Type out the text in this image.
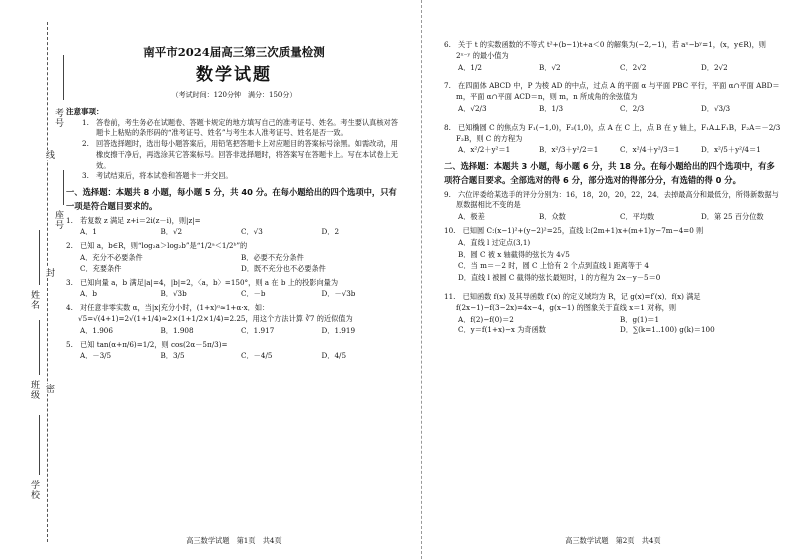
考号
座号
姓名
班级
学校
线
封
密
南平市2024届高三第三次质量检测
数学试题
（考试时间：120分钟　满分：150分）
注意事项：

1.　答卷前，考生务必在试题卷、答题卡规定的地方填写自己的准考证号、姓名。考生要认真核对答题卡上粘贴的条形码的“准考证号、姓名”与考生本人准考证号、姓名是否一致。

2.　回答选择题时，选出每小题答案后，用铅笔把答题卡上对应题目的答案标号涂黑。如需改动，用橡皮擦干净后，再选涂其它答案标号。回答非选择题时，将答案写在答题卡上。写在本试卷上无效。

3.　考试结束后，将本试卷和答题卡一并交回。

一、选择题：本题共 8 小题，每小题 5 分，共 40 分。在每小题给出的四个选项中，只有一项是符合题目要求的。

1.　若复数 z 满足 z+i＝2i(z－i)，则|z|=

A．1	B．√2	C．√3	D．2

2.　已知 a，b∈R，则“log₂a＞log₂b”是“1/2ᵃ＜1/2ᵇ”的

A．充分不必要条件	B．必要不充分条件
C．充要条件	D．既不充分也不必要条件

3.　已知向量 a，b 满足|a|=4，|b|=2，〈a，b〉=150°，则 a 在 b 上的投影向量为

A．b	B．√3b	C．－b	D．－√3b

4.　对任意非零实数 α，当|x|充分小时，(1+x)ᵅ≈1+α·x．如：√5=√(4+1)=2√(1+1/4)≈2×(1+1/2×1/4)=2.25，用这个方法计算 ∛7 的近似值为

A．1.906	B．1.908	C．1.917	D．1.919

5.　已知 tan(α+π/6)=1/2，则 cos(2α－5π/3)=

A．－3/5	B．3/5	C．－4/5	D．4/5
高三数学试题　第1页　共4页

6.　关于 t 的实数函数的不等式 t²+(b−1)t+a＜0 的解集为(−2,−1)，若 aˣ−bʸ=1，(x，y∈R)，则 2ˣ⁻ʸ 的最小值为

A．1/2	B．√2	C．2√2	D．2√2

7.　在四面体 ABCD 中，P 为棱 AD 的中点，过点 A 的平面 α 与平面 PBC 平行，平面 α∩平面 ABD＝m，平面 α∩平面 ACD＝n，则 m，n 所成角的余弦值为

A．√2/3	B．1/3	C．2/3	D．√3/3

8.　已知椭圆 C 的焦点为 F₁(−1,0)，F₂(1,0)，点 A 在 C 上，点 B 在 y 轴上，F₁A⊥F₁B，F₂A＝－2/3 F₂B，则 C 的方程为

A．x²/2＋y²＝1	B．x²/3＋y²/2＝1	C．x²/4＋y²/3＝1	D．x²/5＋y²/4＝1
二、选择题：本题共 3 小题，每小题 6 分，共 18 分。在每小题给出的四个选项中，有多项符合题目要求。全部选对的得 6 分，部分选对的得部分分，有选错的得 0 分。

9.　六位评委给某选手的评分分别为：16，18，20，20，22，24．去掉最高分和最低分，所得新数据与原数据相比不变的是

A．极差	B．众数	C．平均数	D．第 25 百分位数

10.　已知圆 C:(x−1)²+(y−2)²=25，直线 l:(2m+1)x+(m+1)y−7m−4=0 则

A．直线 l 过定点(3,1)
B．圆 C 被 x 轴截得的弦长为 4√5
C．当 m＝－2 时，圆 C 上恰有 2 个点到直线 l 距离等于 4
D．直线 l 被圆 C 截得的弦长最短时，l 的方程为 2x－y－5＝0

11.　已知函数 f(x) 及其导函数 f′(x) 的定义域均为 R，记 g(x)=f′(x)．f(x) 满足 f(2x−1)−f(3−2x)=4x−4，g(x−1) 的图象关于直线 x＝1 对称，则

A．f(2)−f(0)＝2	B．g(1)＝1
C．y＝f(1+x)−x 为奇函数	D．∑(k=1..100) g(k)＝100
高三数学试题　第2页　共4页
